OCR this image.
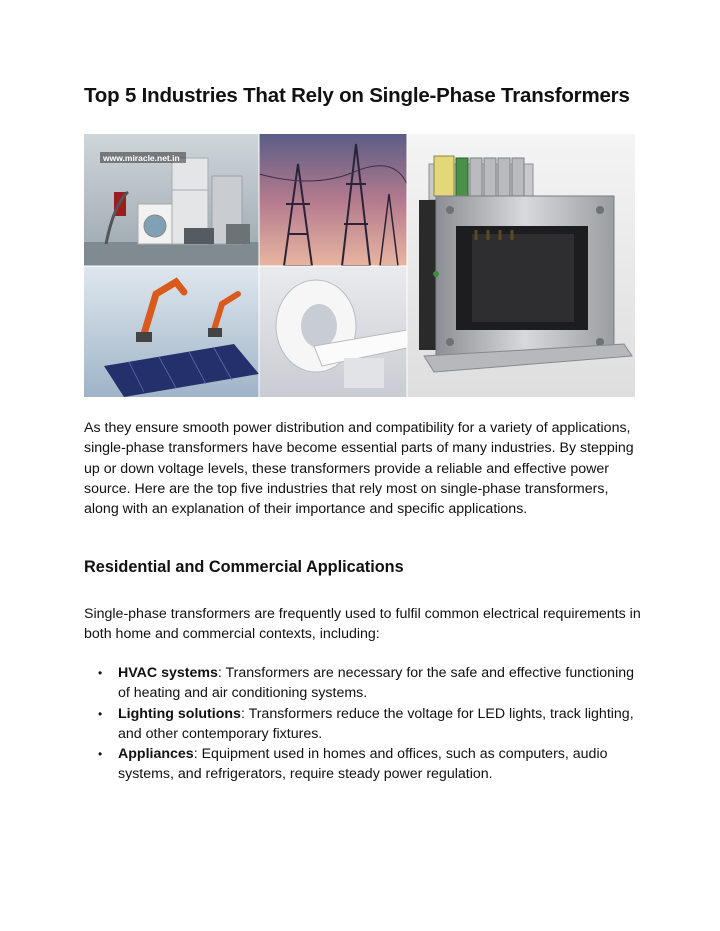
Top 5 Industries That Rely on Single-Phase Transformers
www.miracle.net.in

As they ensure smooth power distribution and compatibility for a variety of applications, single-phase transformers have become essential parts of many industries. By stepping up or down voltage levels, these transformers provide a reliable and effective power source. Here are the top five industries that rely most on single-phase transformers, along with an explanation of their importance and specific applications.

Residential and Commercial Applications

Single-phase transformers are frequently used to fulfil common electrical requirements in both home and commercial contexts, including:

• HVAC systems: Transformers are necessary for the safe and effective functioning of heating and air conditioning systems.
• Lighting solutions: Transformers reduce the voltage for LED lights, track lighting, and other contemporary fixtures.
• Appliances: Equipment used in homes and offices, such as computers, audio systems, and refrigerators, require steady power regulation.
